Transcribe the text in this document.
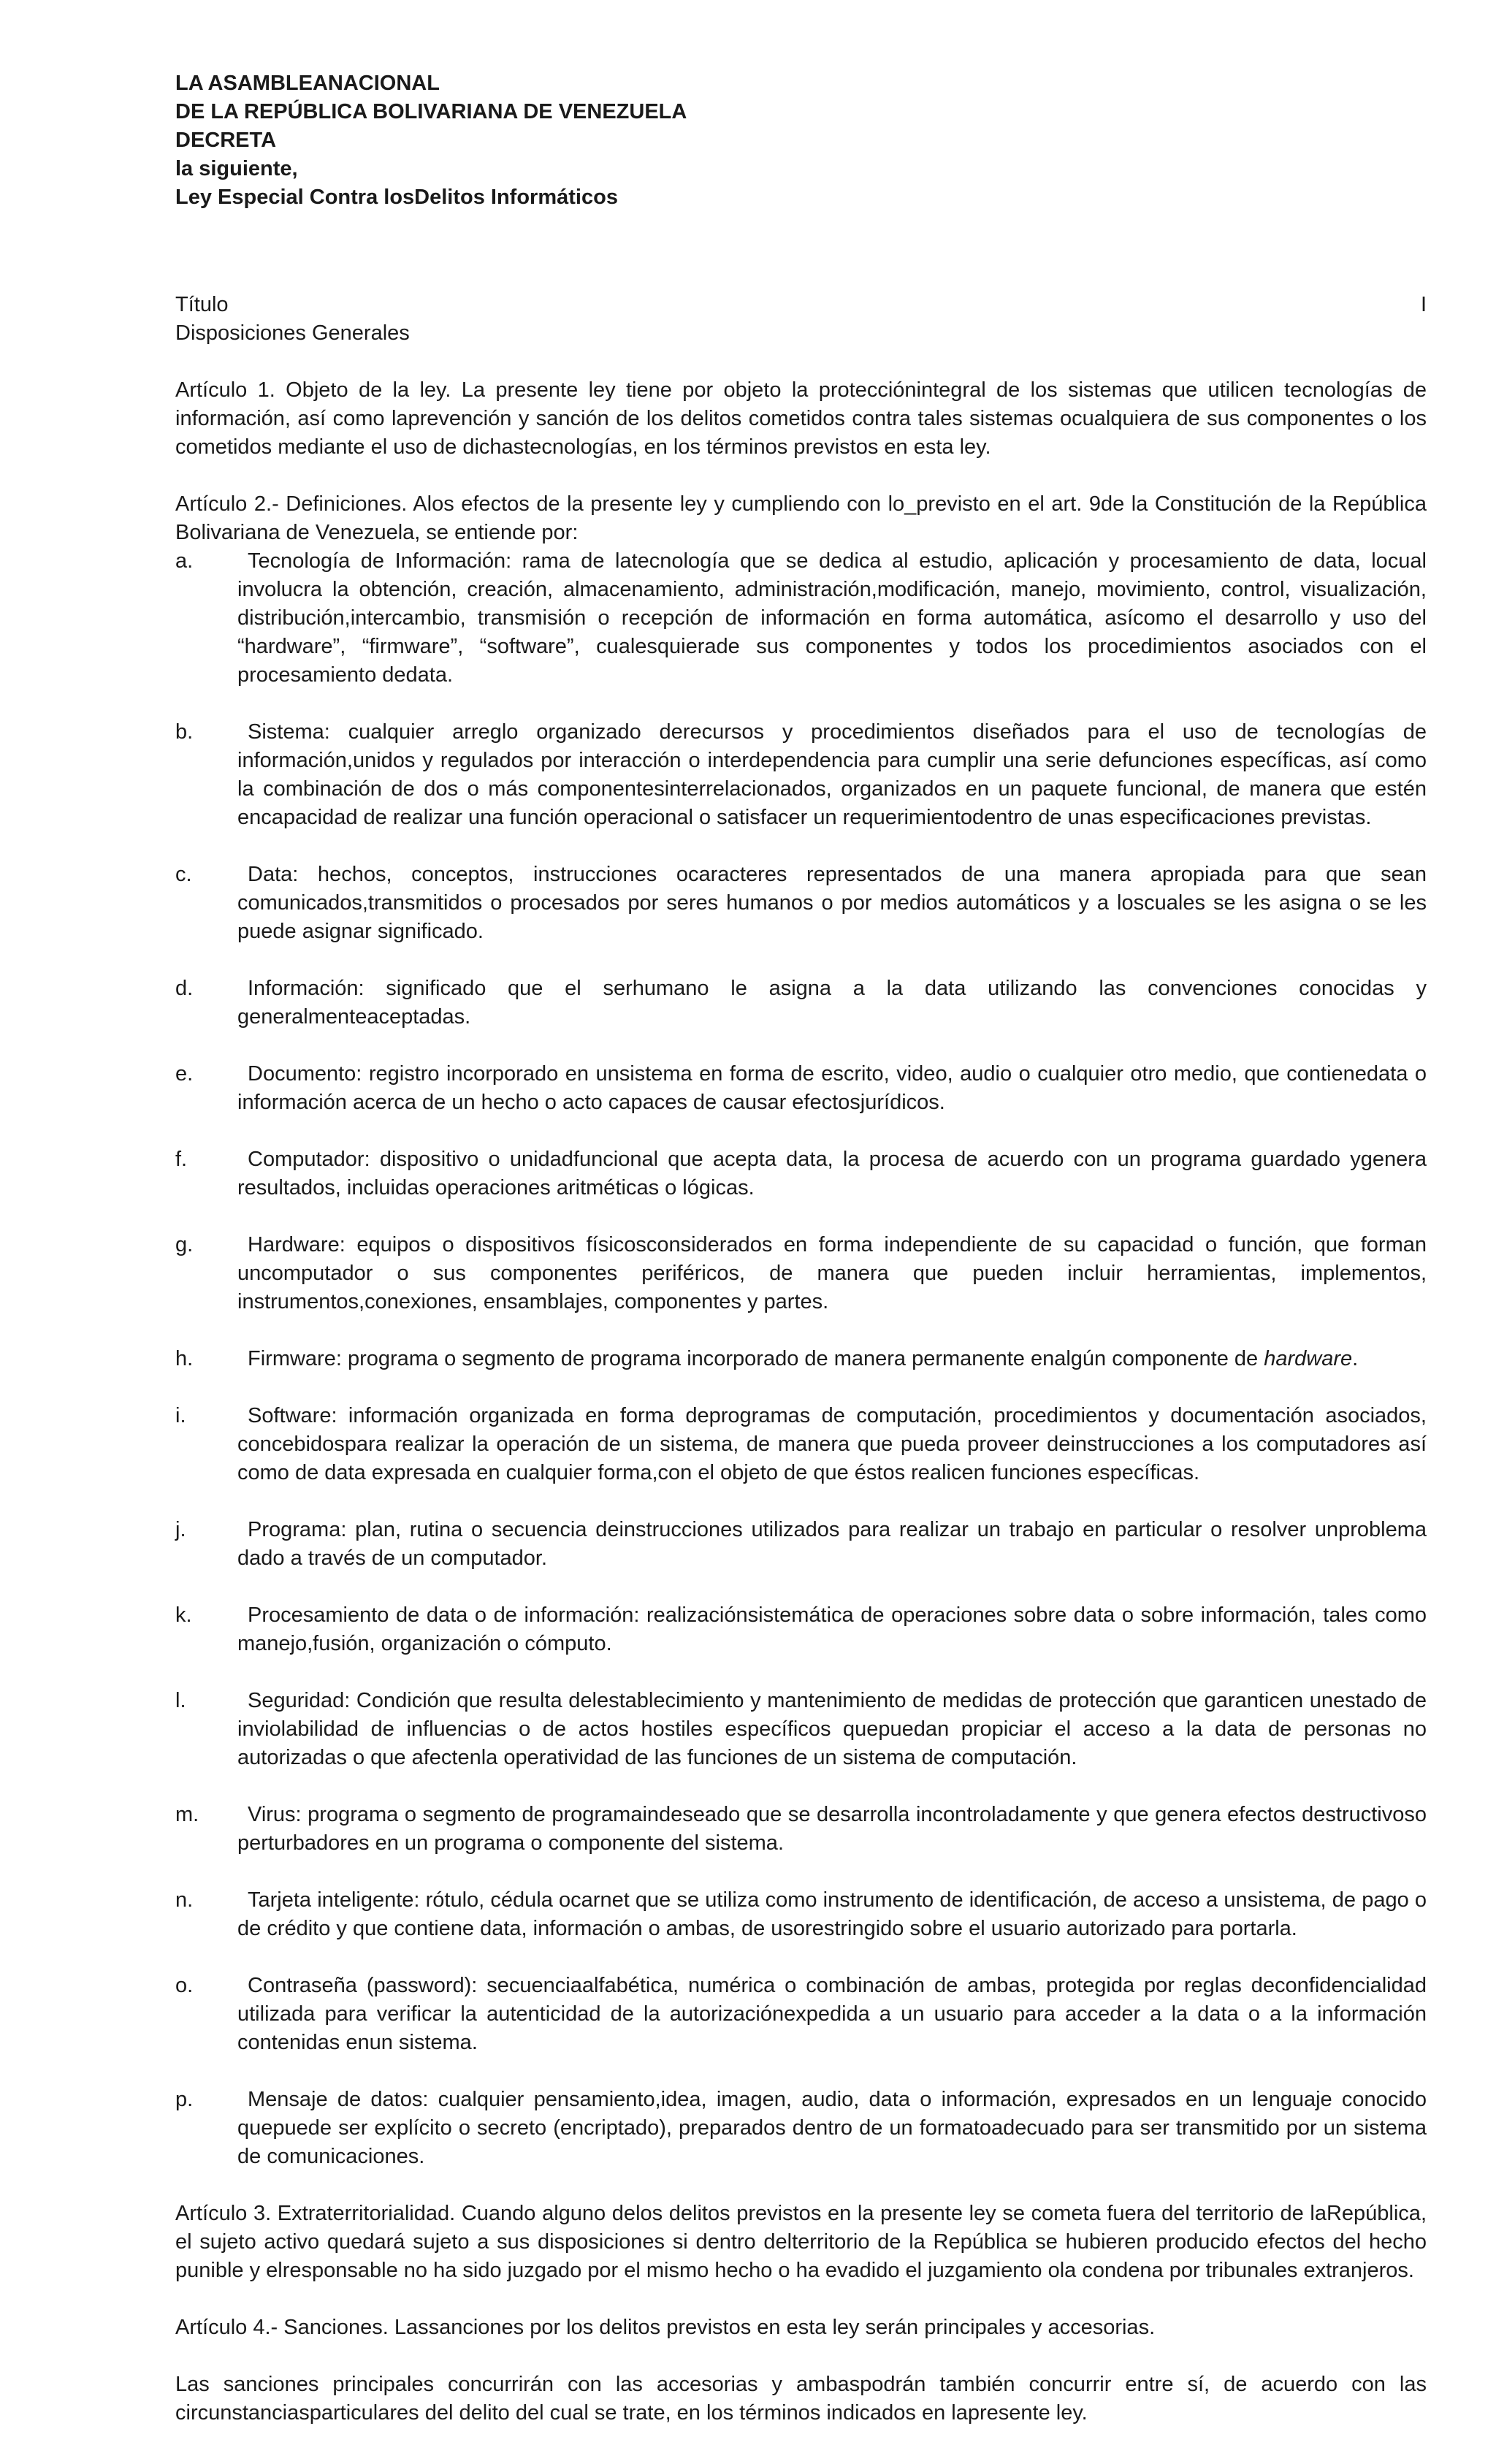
LA ASAMBLEANACIONAL
DE LA REPÚBLICA BOLIVARIANA DE VENEZUELA
DECRETA
la siguiente,
Ley Especial Contra losDelitos Informáticos
Título	I
Disposiciones Generales

Artículo 1. Objeto de la ley. La presente ley tiene por objeto la protecciónintegral de los sistemas que utilicen tecnologías de información, así como laprevención y sanción de los delitos cometidos contra tales sistemas ocualquiera de sus componentes o los cometidos mediante el uso de dichastecnologías, en los términos previstos en esta ley.

Artículo 2.- Definiciones. Alos efectos de la presente ley y cumpliendo con lo_previsto en el art. 9de la Constitución de la República Bolivariana de Venezuela, se entiende por:

a.	Tecnología de Información: rama de latecnología que se dedica al estudio, aplicación y procesamiento de data, locual involucra la obtención, creación, almacenamiento, administración,modificación, manejo, movimiento, control, visualización, distribución,intercambio, transmisión o recepción de información en forma automática, asícomo el desarrollo y uso del “hardware”, “firmware”, “software”, cualesquierade sus componentes y todos los procedimientos asociados con el procesamiento dedata.
b.	Sistema: cualquier arreglo organizado derecursos y procedimientos diseñados para el uso de tecnologías de información,unidos y regulados por interacción o interdependencia para cumplir una serie defunciones específicas, así como la combinación de dos o más componentesinterrelacionados, organizados en un paquete funcional, de manera que estén encapacidad de realizar una función operacional o satisfacer un requerimientodentro de unas especificaciones previstas.
c.	Data: hechos, conceptos, instrucciones ocaracteres representados de una manera apropiada para que sean comunicados,transmitidos o procesados por seres humanos o por medios automáticos y a loscuales se les asigna o se les puede asignar significado.
d.	Información: significado que el serhumano le asigna a la data utilizando las convenciones conocidas y generalmenteaceptadas.
e.	Documento: registro incorporado en unsistema en forma de escrito, video, audio o cualquier otro medio, que contienedata o información acerca de un hecho o acto capaces de causar efectosjurídicos.
f.	Computador: dispositivo o unidadfuncional que acepta data, la procesa de acuerdo con un programa guardado ygenera resultados, incluidas operaciones aritméticas o lógicas.
g.	Hardware: equipos o dispositivos físicosconsiderados en forma independiente de su capacidad o función, que forman uncomputador o sus componentes periféricos, de manera que pueden incluir herramientas, implementos, instrumentos,conexiones, ensamblajes, componentes y partes.
h.	Firmware: programa o segmento de programa incorporado de manera permanente enalgún componente de hardware.
i.	Software: información organizada en forma deprogramas de computación, procedimientos y documentación asociados, concebidospara realizar la operación de un sistema, de manera que pueda proveer deinstrucciones a los computadores así como de data expresada en cualquier forma,con el objeto de que éstos realicen funciones específicas.
j.	Programa: plan, rutina o secuencia deinstrucciones utilizados para realizar un trabajo en particular o resolver unproblema dado a través de un computador.
k.	Procesamiento de data o de información: realizaciónsistemática de operaciones sobre data o sobre información, tales como manejo,fusión, organización o cómputo.
l.	Seguridad: Condición que resulta delestablecimiento y mantenimiento de medidas de protección que garanticen unestado de inviolabilidad de influencias o de actos hostiles específicos quepuedan propiciar el acceso a la data de personas no autorizadas o que afectenla operatividad de las funciones de un sistema de computación.
m. Virus: programa o segmento de programaindeseado que se desarrolla incontroladamente y que genera efectos destructivoso perturbadores en un programa o componente del sistema.
n.	Tarjeta inteligente: rótulo, cédula ocarnet que se utiliza como instrumento de identificación, de acceso a unsistema, de pago o de crédito y que contiene data, información o ambas, de usorestringido sobre el usuario autorizado para portarla.
o.	Contraseña (password): secuenciaalfabética, numérica o combinación de ambas, protegida por reglas deconfidencialidad utilizada para verificar la autenticidad de la autorizaciónexpedida a un usuario para acceder a la data o a la información contenidas enun sistema.
p.	Mensaje de datos: cualquier pensamiento,idea, imagen, audio, data o información, expresados en un lenguaje conocido quepuede ser explícito o secreto (encriptado), preparados dentro de un formatoadecuado para ser transmitido por un sistema de comunicaciones.

Artículo 3. Extraterritorialidad. Cuando alguno delos delitos previstos en la presente ley se cometa fuera del territorio de laRepública, el sujeto activo quedará sujeto a sus disposiciones si dentro delterritorio de la República se hubieren producido efectos del hecho punible y elresponsable no ha sido juzgado por el mismo hecho o ha evadido el juzgamiento ola condena por tribunales extranjeros.

Artículo 4.- Sanciones. Lassanciones por los delitos previstos en esta ley serán principales y accesorias.

Las sanciones principales concurrirán con las accesorias y ambaspodrán también concurrir entre sí, de acuerdo con las circunstanciasparticulares del delito del cual se trate, en los términos indicados en lapresente ley.
